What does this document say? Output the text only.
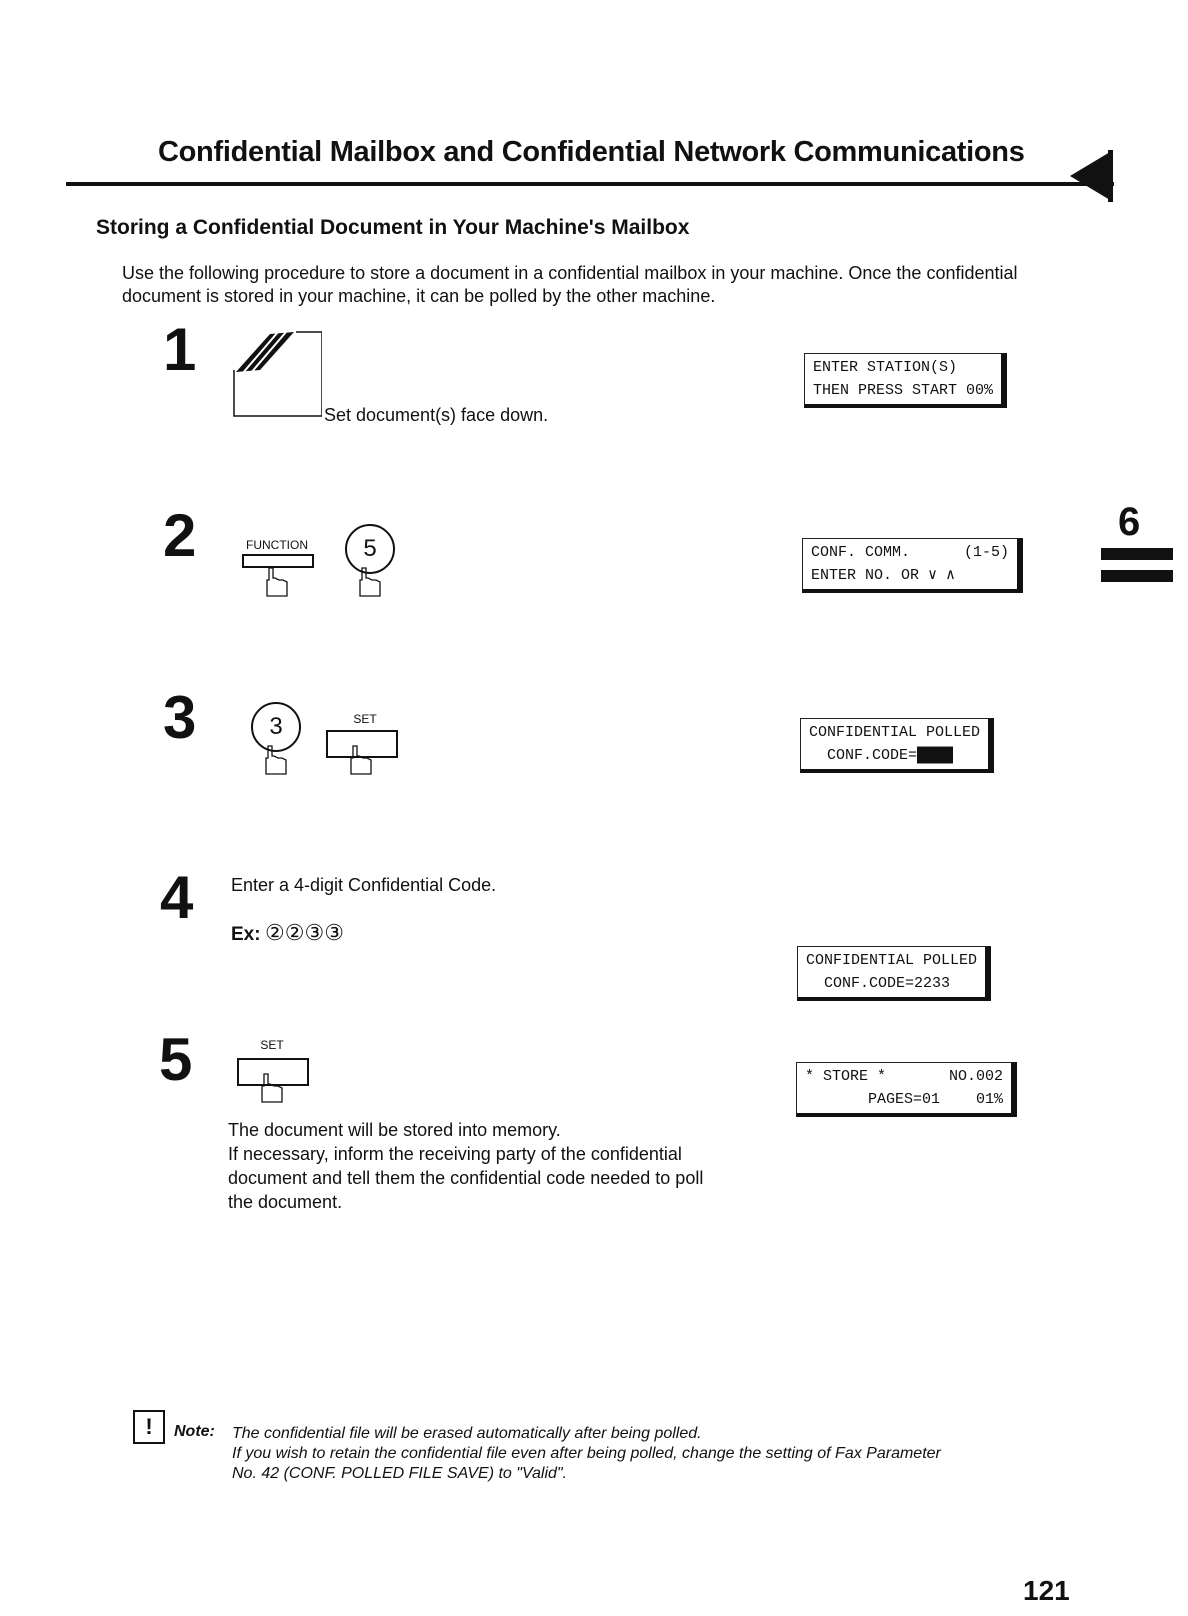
Confidential Mailbox and Confidential Network Communications
Storing a Confidential Document in Your Machine's Mailbox
Use the following procedure to store a document in a confidential mailbox in your machine. Once the confidential document is stored in your machine, it can be polled by the other machine.
6
1
Set document(s) face down.
ENTER STATION(S)
THEN PRESS START 00%
2	FUNCTION	5	CONF. COMM.      (1-5)
ENTER NO. OR ∨ ∧
3	3	SET
CONFIDENTIAL POLLED
CONF.CODE=████
4 Enter a 4-digit Confidential Code.
Ex: ②②③③
CONFIDENTIAL POLLED
CONF.CODE=2233
5	SET
The document will be stored into memory.
If necessary, inform the receiving party of the confidential
document and tell them the confidential code needed to poll
the document.
* STORE *       NO.002
PAGES=01    01%
!	Note: The confidential file will be erased automatically after being polled.
If you wish to retain the confidential file even after being polled, change the setting of Fax Parameter
No. 42 (CONF. POLLED FILE SAVE) to "Valid".
121
